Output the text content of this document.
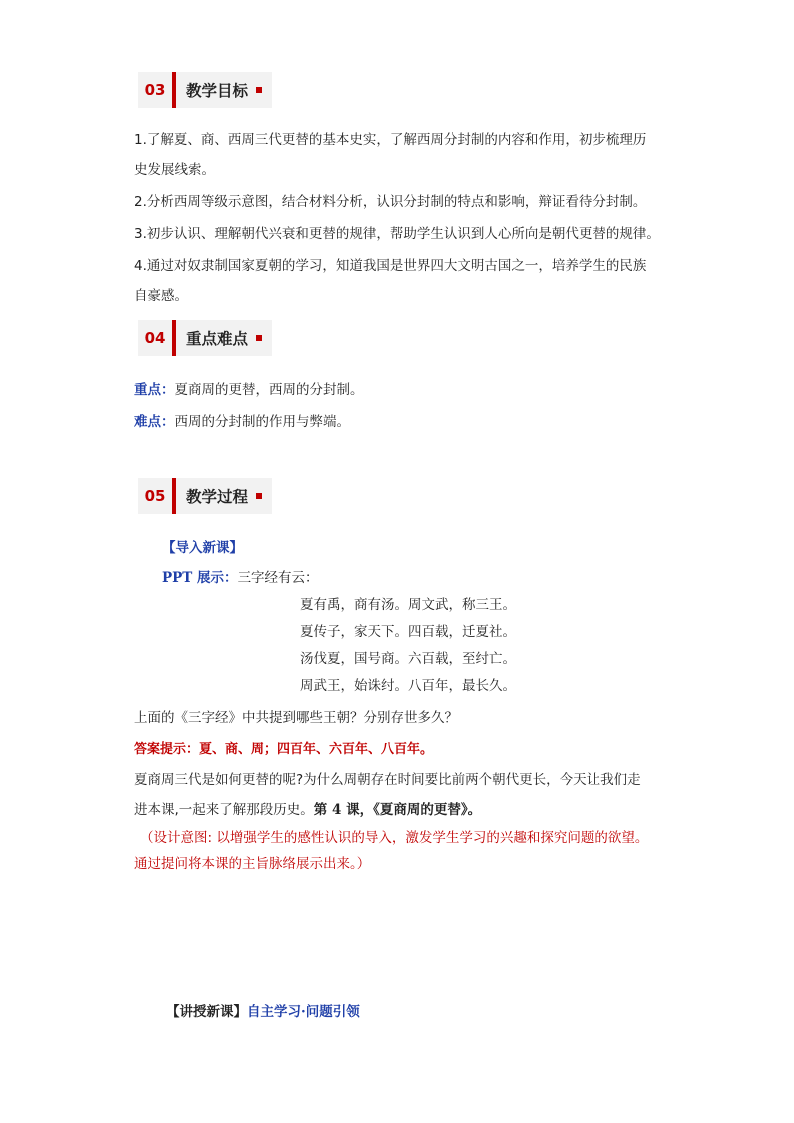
03	教学目标
1.了解夏、商、西周三代更替的基本史实，了解西周分封制的内容和作用，初步梳理历
史发展线索。
2.分析西周等级示意图，结合材料分析，认识分封制的特点和影响，辩证看待分封制。
3.初步认识、理解朝代兴衰和更替的规律，帮助学生认识到人心所向是朝代更替的规律。
4.通过对奴隶制国家夏朝的学习，知道我国是世界四大文明古国之一，培养学生的民族
自豪感。
04	重点难点
重点：夏商周的更替，西周的分封制。
难点：西周的分封制的作用与弊端。
05	教学过程
【导入新课】
PPT 展示：三字经有云：
夏有禹，商有汤。周文武，称三王。
夏传子，家天下。四百载，迁夏社。
汤伐夏，国号商。六百载，至纣亡。
周武王，始诛纣。八百年，最长久。
上面的《三字经》中共提到哪些王朝？分别存世多久？
答案提示：夏、商、周；四百年、六百年、八百年。
夏商周三代是如何更替的呢?为什么周朝存在时间要比前两个朝代更长，今天让我们走
进本课,一起来了解那段历史。第 4 课，《夏商周的更替》。
（设计意图: 以增强学生的感性认识的导入，激发学生学习的兴趣和探究问题的欲望。
通过提问将本课的主旨脉络展示出来。）
【讲授新课】自主学习·问题引领
